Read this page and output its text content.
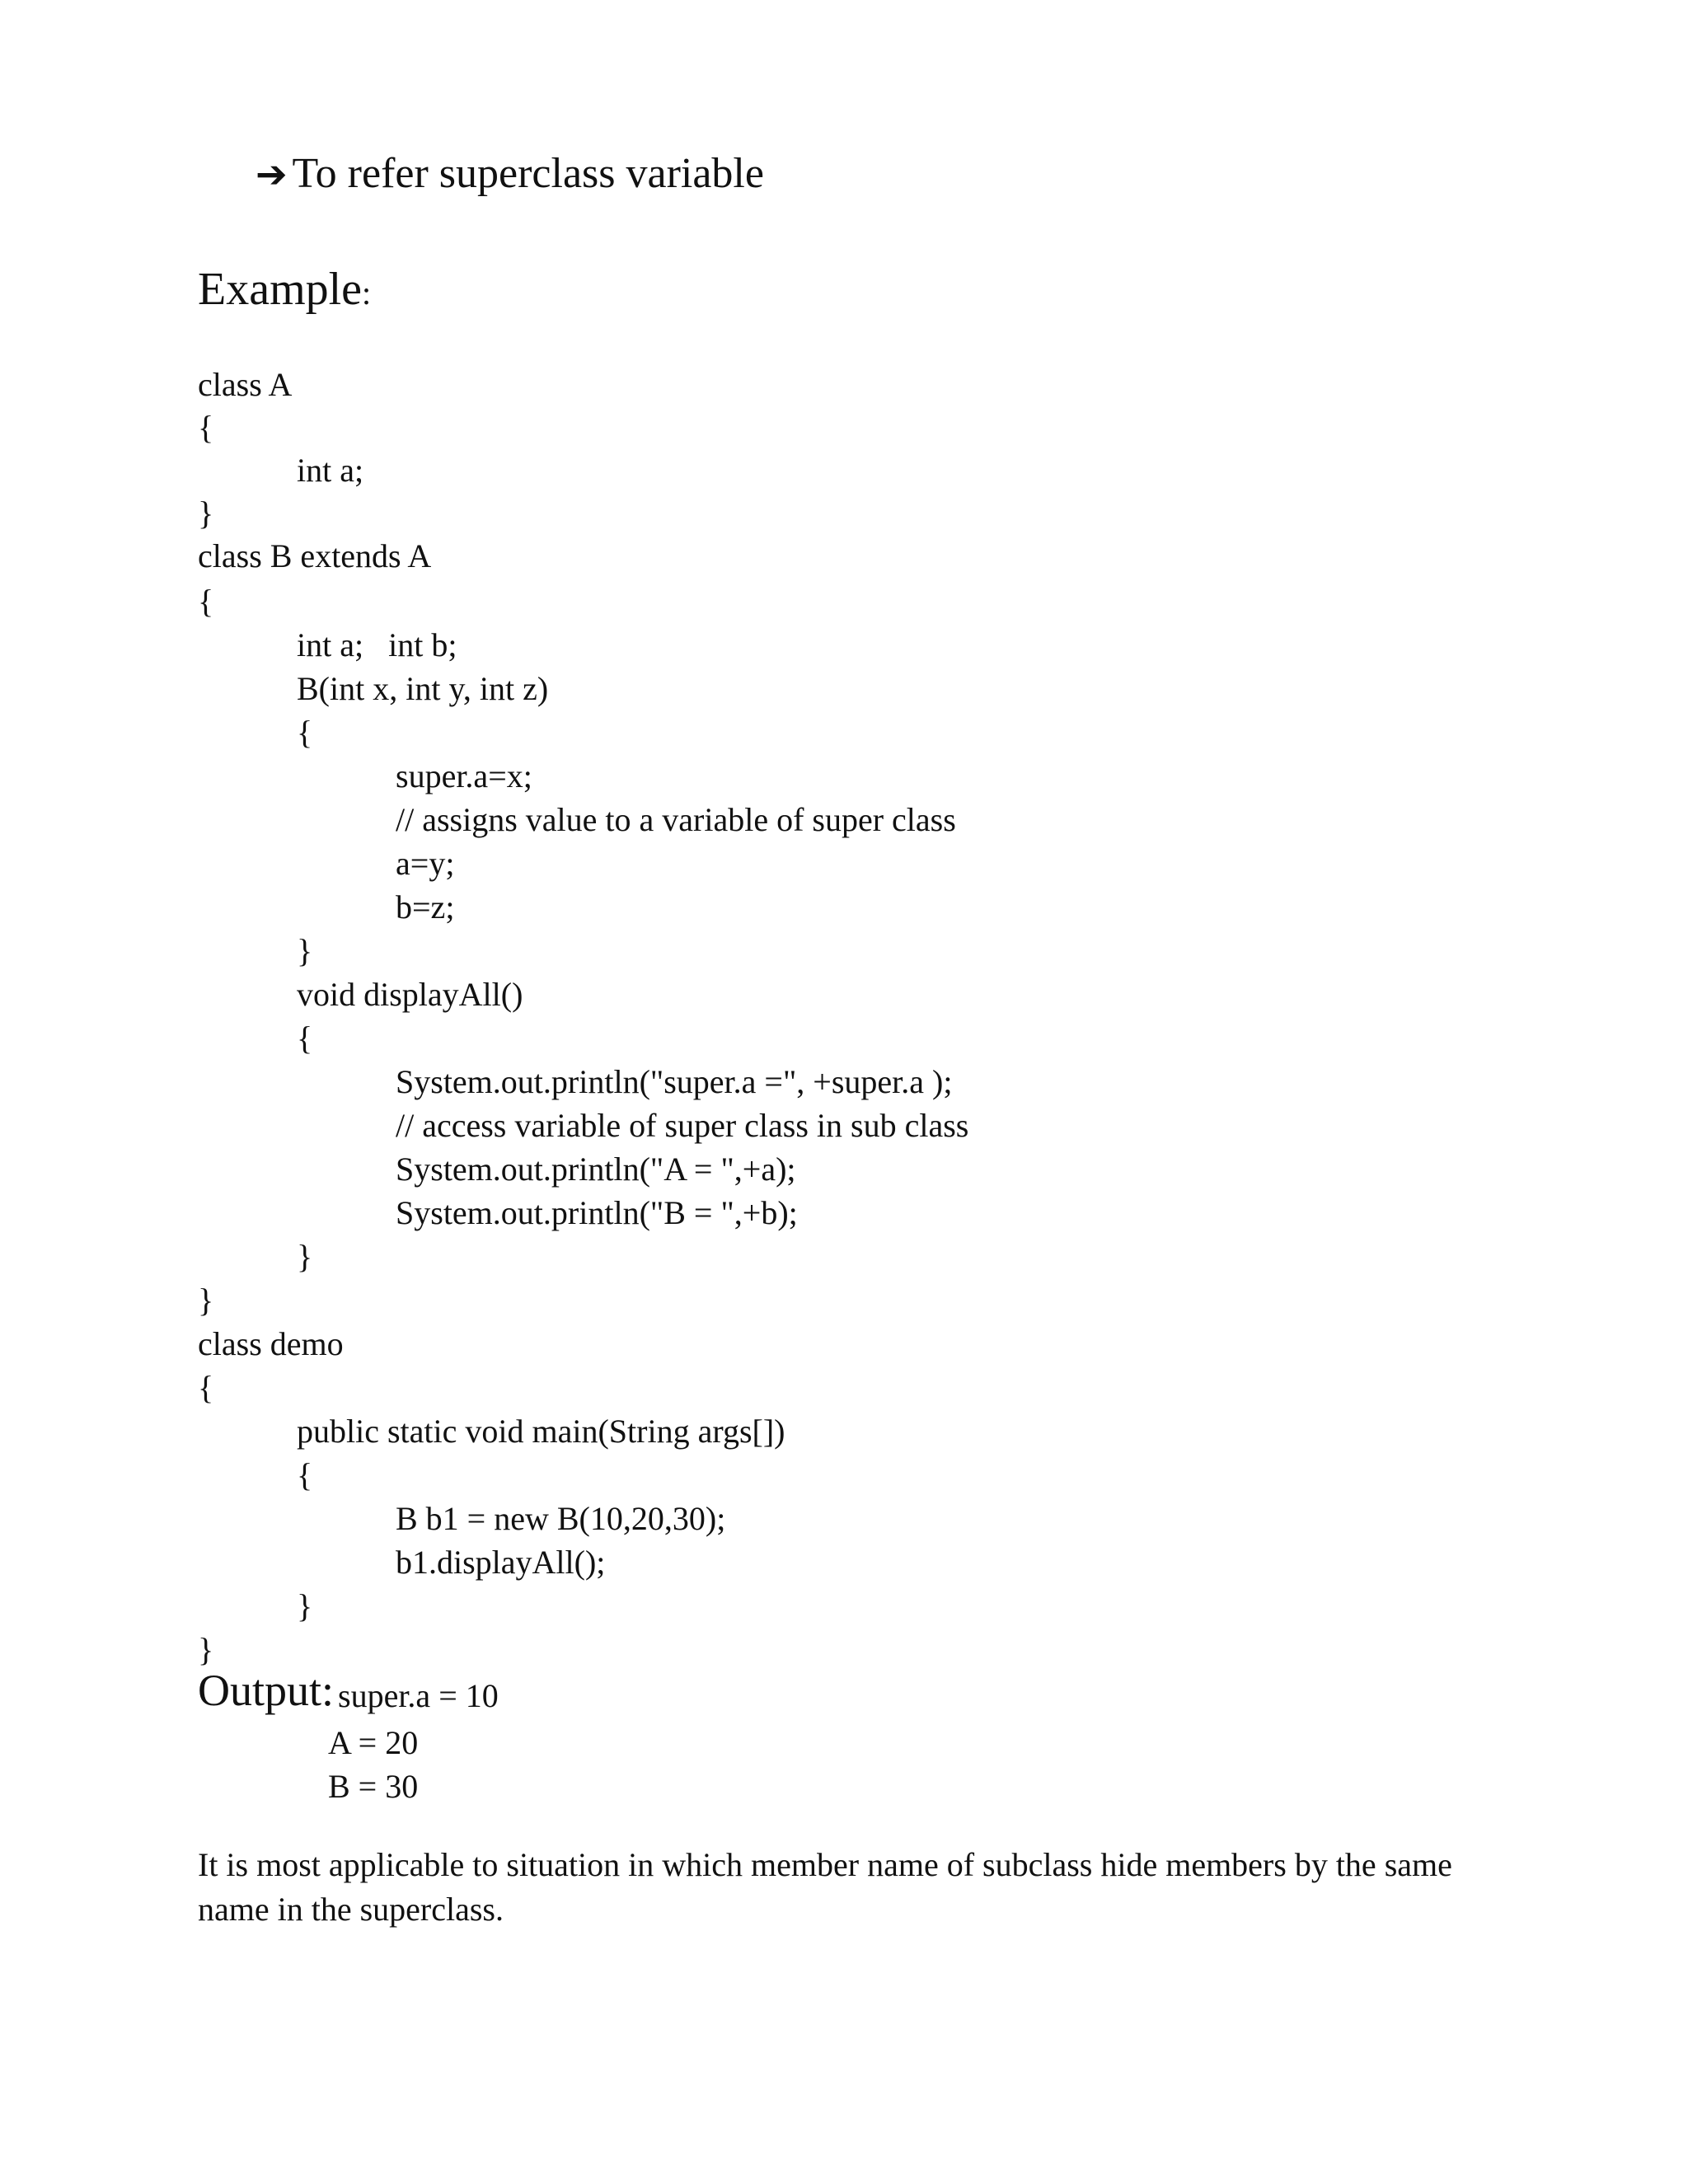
➔ To refer superclass variable
Example:
class A
{
int a;
}
class B extends A
{
int a;   int b;
B(int x, int y, int z)
{
super.a=x;
// assigns value to a variable of super class
a=y;
b=z;
}
void displayAll()
{
System.out.println("super.a =", +super.a );
// access variable of super class in sub class
System.out.println("A = ",+a);
System.out.println("B = ",+b);
}
}
class demo
{
public static void main(String args[])
{
B b1 = new B(10,20,30);
b1.displayAll();
}
}
Output: super.a = 10
A = 20
B = 30
It is most applicable to situation in which member name of subclass hide members by the same name in the superclass.
